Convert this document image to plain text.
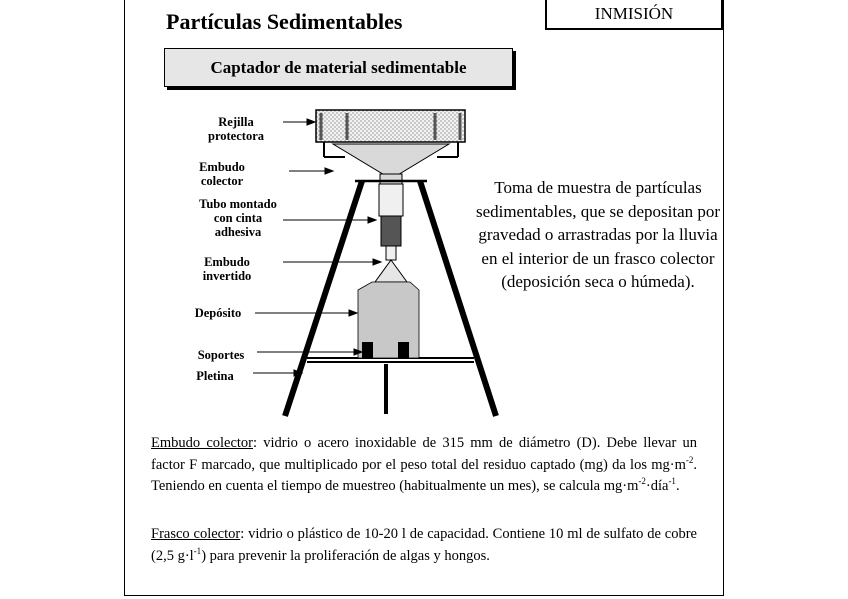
INMISIÓN
Partículas Sedimentables
Captador de material sedimentable
Rejilla
protectora
Embudo
colector
Tubo montado
con cinta
adhesiva
Embudo
invertido
Depósito
Soportes
Pletina
Toma de muestra de partículas sedimentables, que se depositan por gravedad o arrastradas por la lluvia en el interior de un frasco colector (deposición seca o húmeda).
Embudo colector: vidrio o acero inoxidable de 315 mm de diámetro (D). Debe llevar un factor F marcado, que multiplicado por el peso total del residuo captado (mg) da los $mg\cdot m^{-2}$. Teniendo en cuenta el tiempo de muestreo (habitualmente un mes), se calcula $mg\cdot m^{-2}\cdot día^{-1}$.
Frasco colector: vidrio o plástico de 10-20 l de capacidad. Contiene 10 ml de sulfato de cobre (2,5 $g\cdot l^{-1}$) para prevenir la proliferación de algas y hongos.
